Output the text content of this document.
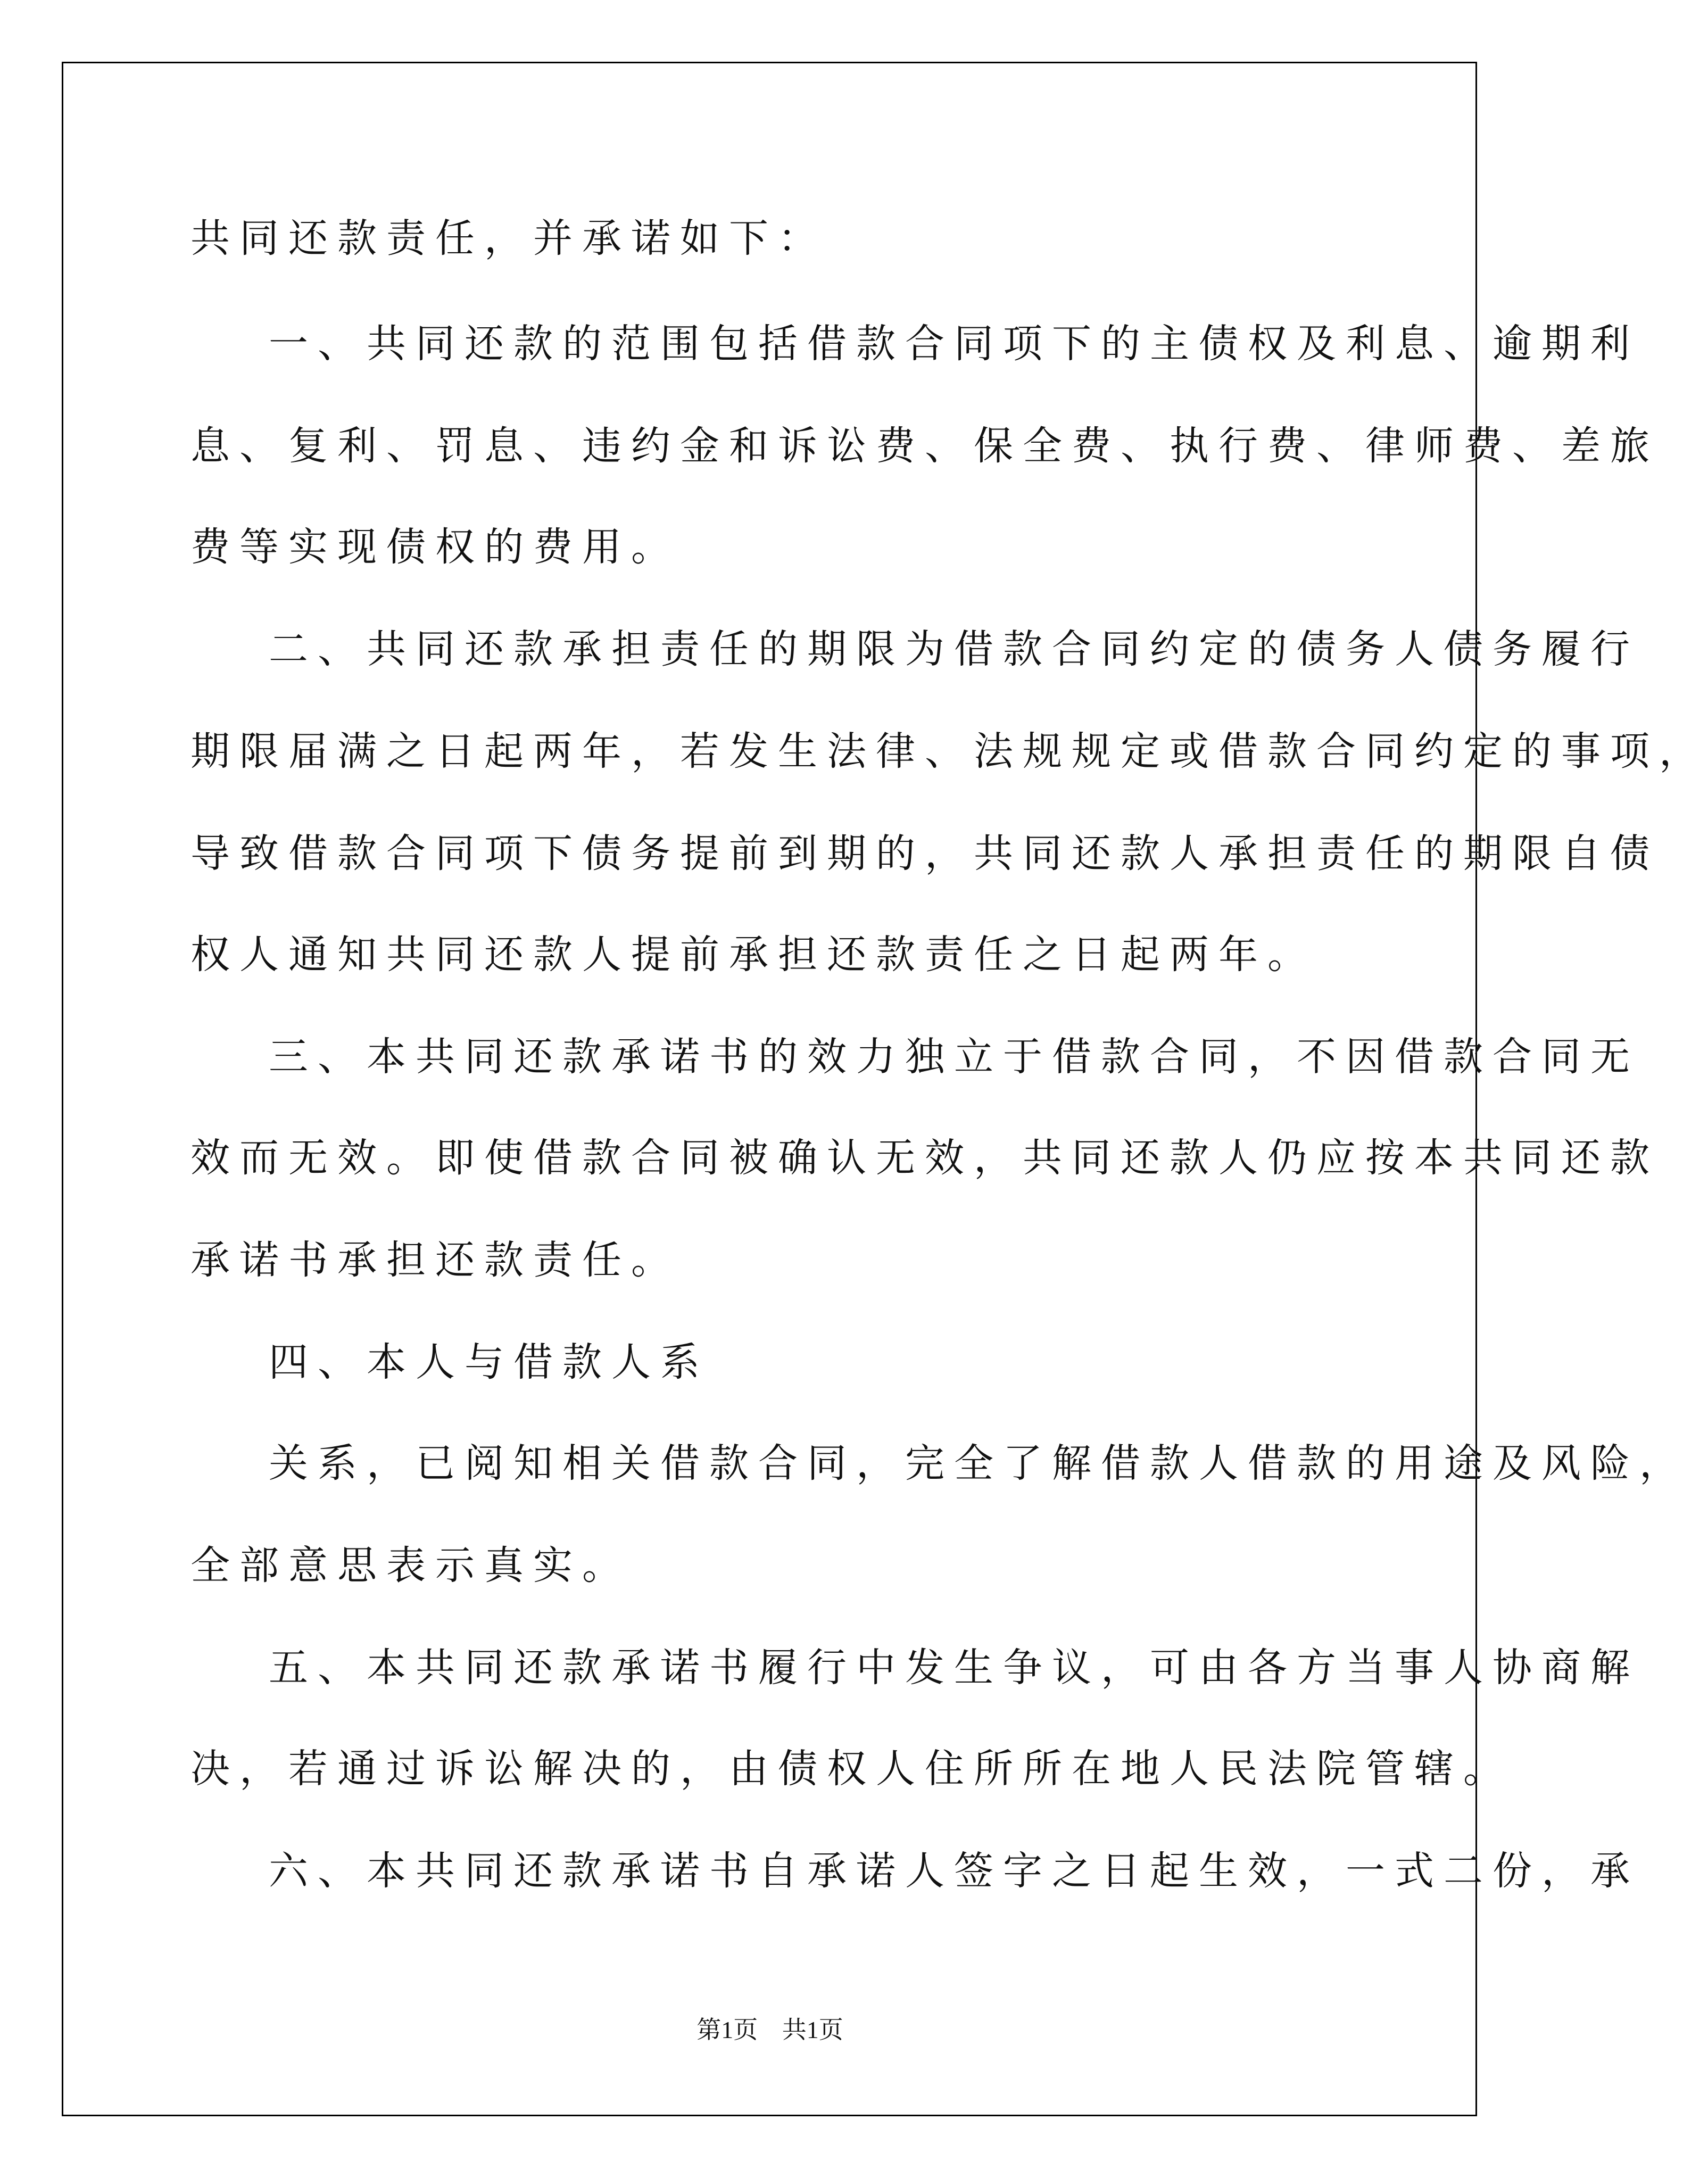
共同还款责任，并承诺如下：

一、共同还款的范围包括借款合同项下的主债权及利息、逾期利

息、复利、罚息、违约金和诉讼费、保全费、执行费、律师费、差旅

费等实现债权的费用。

二、共同还款承担责任的期限为借款合同约定的债务人债务履行

期限届满之日起两年，若发生法律、法规规定或借款合同约定的事项，

导致借款合同项下债务提前到期的，共同还款人承担责任的期限自债

权人通知共同还款人提前承担还款责任之日起两年。

三、本共同还款承诺书的效力独立于借款合同，不因借款合同无

效而无效。即使借款合同被确认无效，共同还款人仍应按本共同还款

承诺书承担还款责任。

四、本人与借款人系

关系，已阅知相关借款合同，完全了解借款人借款的用途及风险，

全部意思表示真实。

五、本共同还款承诺书履行中发生争议，可由各方当事人协商解

决，若通过诉讼解决的，由债权人住所所在地人民法院管辖。

六、本共同还款承诺书自承诺人签字之日起生效，一式二份，承

第1页 共1页
